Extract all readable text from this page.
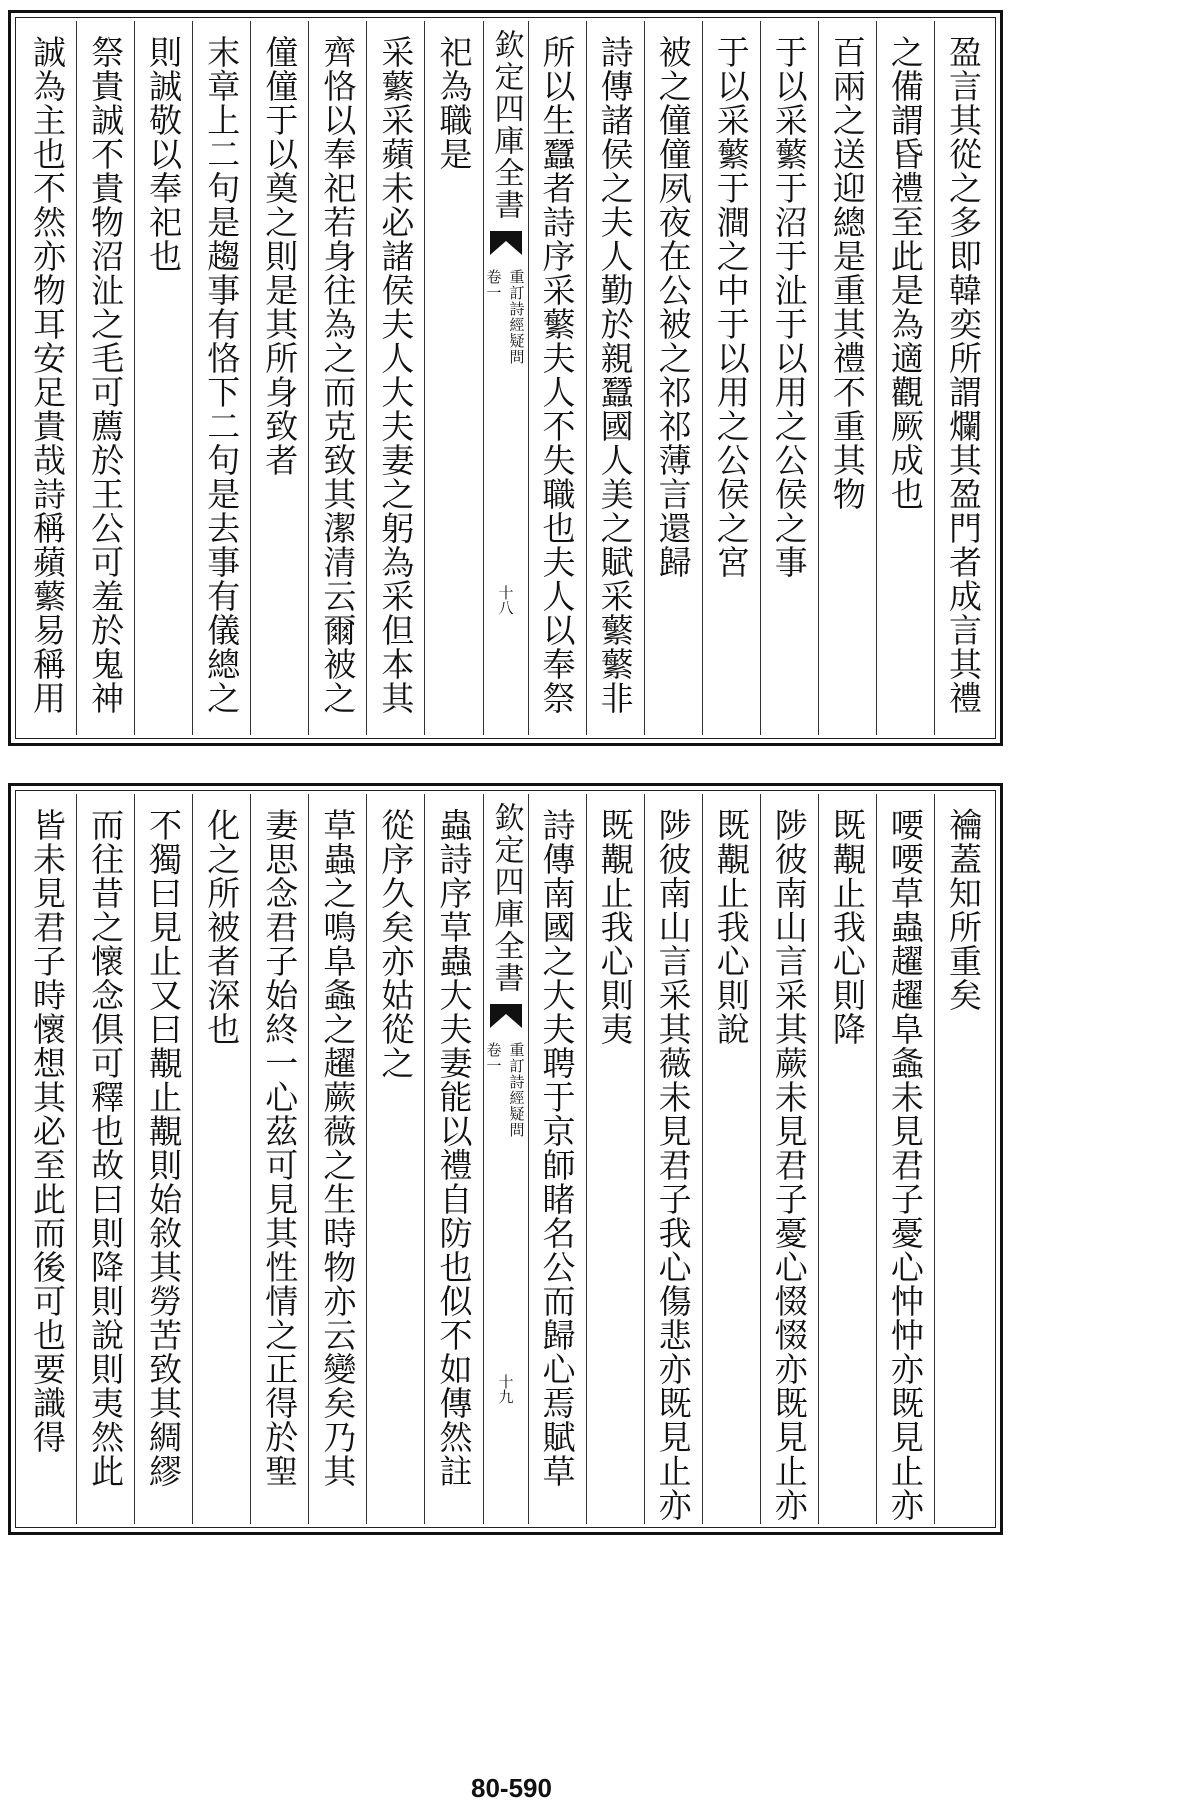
盈言其從之多即韓奕所謂爛其盈門者成言其禮
之備謂昏禮至此是為適觀厥成也
百兩之送迎總是重其禮不重其物
于以采蘩于沼于沚于以用之公侯之事
于以采蘩于澗之中于以用之公侯之宮
被之僮僮夙夜在公被之祁祁薄言還歸
詩傳諸侯之夫人勤於親蠶國人美之賦采蘩蘩非
所以生蠶者詩序采蘩夫人不失職也夫人以奉祭
欽定四庫全書
重訂詩經疑問
卷一
十八
祀為職是
采蘩采蘋未必諸侯夫人大夫妻之躬為采但本其
齊恪以奉祀若身往為之而克致其潔清云爾被之
僮僮于以奠之則是其所身致者
末章上二句是趨事有恪下二句是去事有儀總之
則誠敬以奉祀也
祭貴誠不貴物沼沚之毛可薦於王公可羞於鬼神
誠為主也不然亦物耳安足貴哉詩稱蘋蘩易稱用
禴蓋知所重矣
喓喓草蟲趯趯阜螽未見君子憂心忡忡亦既見止亦
既覯止我心則降
陟彼南山言采其蕨未見君子憂心惙惙亦既見止亦
既覯止我心則說
陟彼南山言采其薇未見君子我心傷悲亦既見止亦
既覯止我心則夷
詩傳南國之大夫聘于京師睹名公而歸心焉賦草
欽定四庫全書
重訂詩經疑問
卷一
十九
蟲詩序草蟲大夫妻能以禮自防也似不如傳然註
從序久矣亦姑從之
草蟲之鳴阜螽之趯蕨薇之生時物亦云變矣乃其
妻思念君子始終一心茲可見其性情之正得於聖
化之所被者深也
不獨曰見止又曰覯止覯則始敘其勞苦致其綢繆
而往昔之懷念俱可釋也故曰則降則說則夷然此
皆未見君子時懷想其必至此而後可也要識得
80-590
